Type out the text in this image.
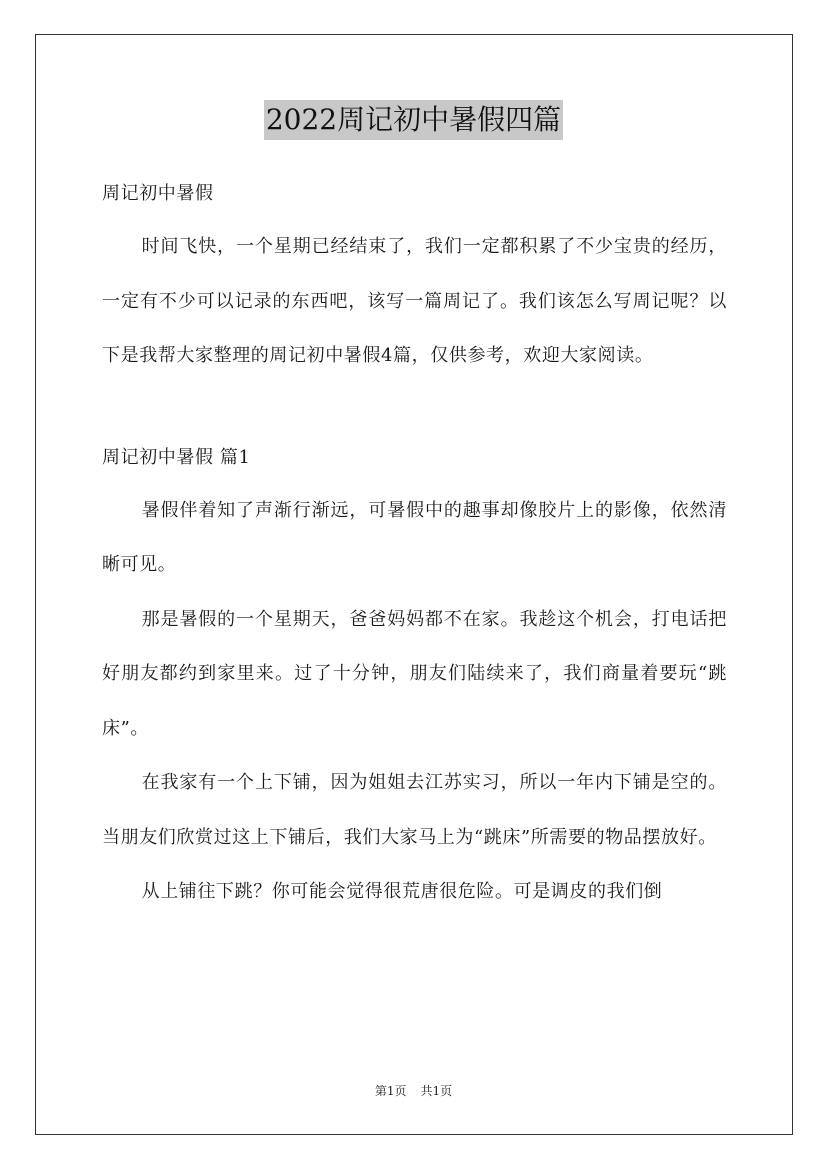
2022周记初中暑假四篇

周记初中暑假

时间飞快，一个星期已经结束了，我们一定都积累了不少宝贵的经历，一定有不少可以记录的东西吧，该写一篇周记了。我们该怎么写周记呢？以下是我帮大家整理的周记初中暑假4篇，仅供参考，欢迎大家阅读。

周记初中暑假 篇1

暑假伴着知了声渐行渐远，可暑假中的趣事却像胶片上的影像，依然清晰可见。

那是暑假的一个星期天，爸爸妈妈都不在家。我趁这个机会，打电话把好朋友都约到家里来。过了十分钟，朋友们陆续来了，我们商量着要玩“跳床”。

在我家有一个上下铺，因为姐姐去江苏实习，所以一年内下铺是空的。当朋友们欣赏过这上下铺后，我们大家马上为“跳床”所需要的物品摆放好。

从上铺往下跳？你可能会觉得很荒唐很危险。可是调皮的我们倒

第1页 共1页
